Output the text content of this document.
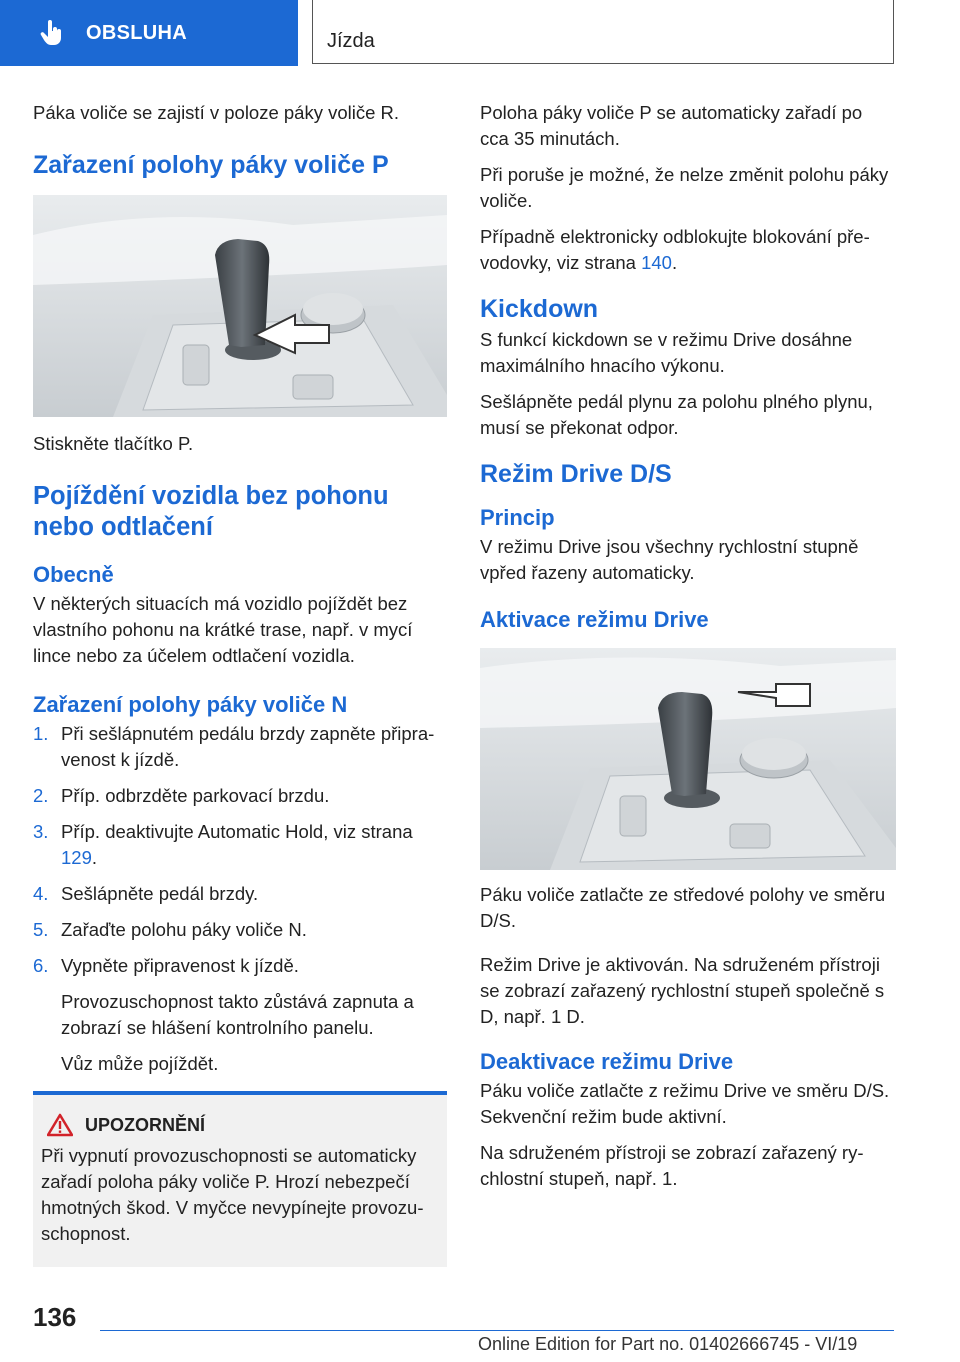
OBSLUHA	Jízda

Páka voliče se zajistí v poloze páky voliče R.

Zařazení polohy páky voliče P

Stiskněte tlačítko P.

Pojíždění vozidla bez pohonu nebo odtlačení
Obecně

V některých situacích má vozidlo pojíždět bez vlastního pohonu na krátké trase, např. v mycí lince nebo za účelem odtlačení vozidla.

Zařazení polohy páky voliče N
1. Při sešlápnutém pedálu brzdy zapněte připravenost k jízdě.
2. Příp. odbrzděte parkovací brzdu.
3. Příp. deaktivujte Automatic Hold, viz strana 129.
4. Sešlápněte pedál brzdy.
5. Zařaďte polohu páky voliče N.
6. Vypněte připravenost k jízdě.
Provozuschopnost takto zůstává zapnuta a zobrazí se hlášení kontrolního panelu.
Vůz může pojíždět.
UPOZORNĚNÍ

Při vypnutí provozuschopnosti se automaticky zařadí poloha páky voliče P. Hrozí nebezpečí hmotných škod. V myčce nevypínejte provozuschopnost.

Poloha páky voliče P se automaticky zařadí po cca 35 minutách.

Při poruše je možné, že nelze změnit polohu páky voliče.

Případně elektronicky odblokujte blokování převodovky, viz strana 140.

Kickdown

S funkcí kickdown se v režimu Drive dosáhne maximálního hnacího výkonu.

Sešlápněte pedál plynu za polohu plného plynu, musí se překonat odpor.

Režim Drive D/S
Princip

V režimu Drive jsou všechny rychlostní stupně vpřed řazeny automaticky.

Aktivace režimu Drive

Páku voliče zatlačte ze středové polohy ve směru D/S.

Režim Drive je aktivován. Na sdruženém přístroji se zobrazí zařazený rychlostní stupeň společně s D, např. 1 D.

Deaktivace režimu Drive

Páku voliče zatlačte z režimu Drive ve směru D/S. Sekvenční režim bude aktivní.

Na sdruženém přístroji se zobrazí zařazený rychlostní stupeň, např. 1.

136
Online Edition for Part no. 01402666745 - VI/19
